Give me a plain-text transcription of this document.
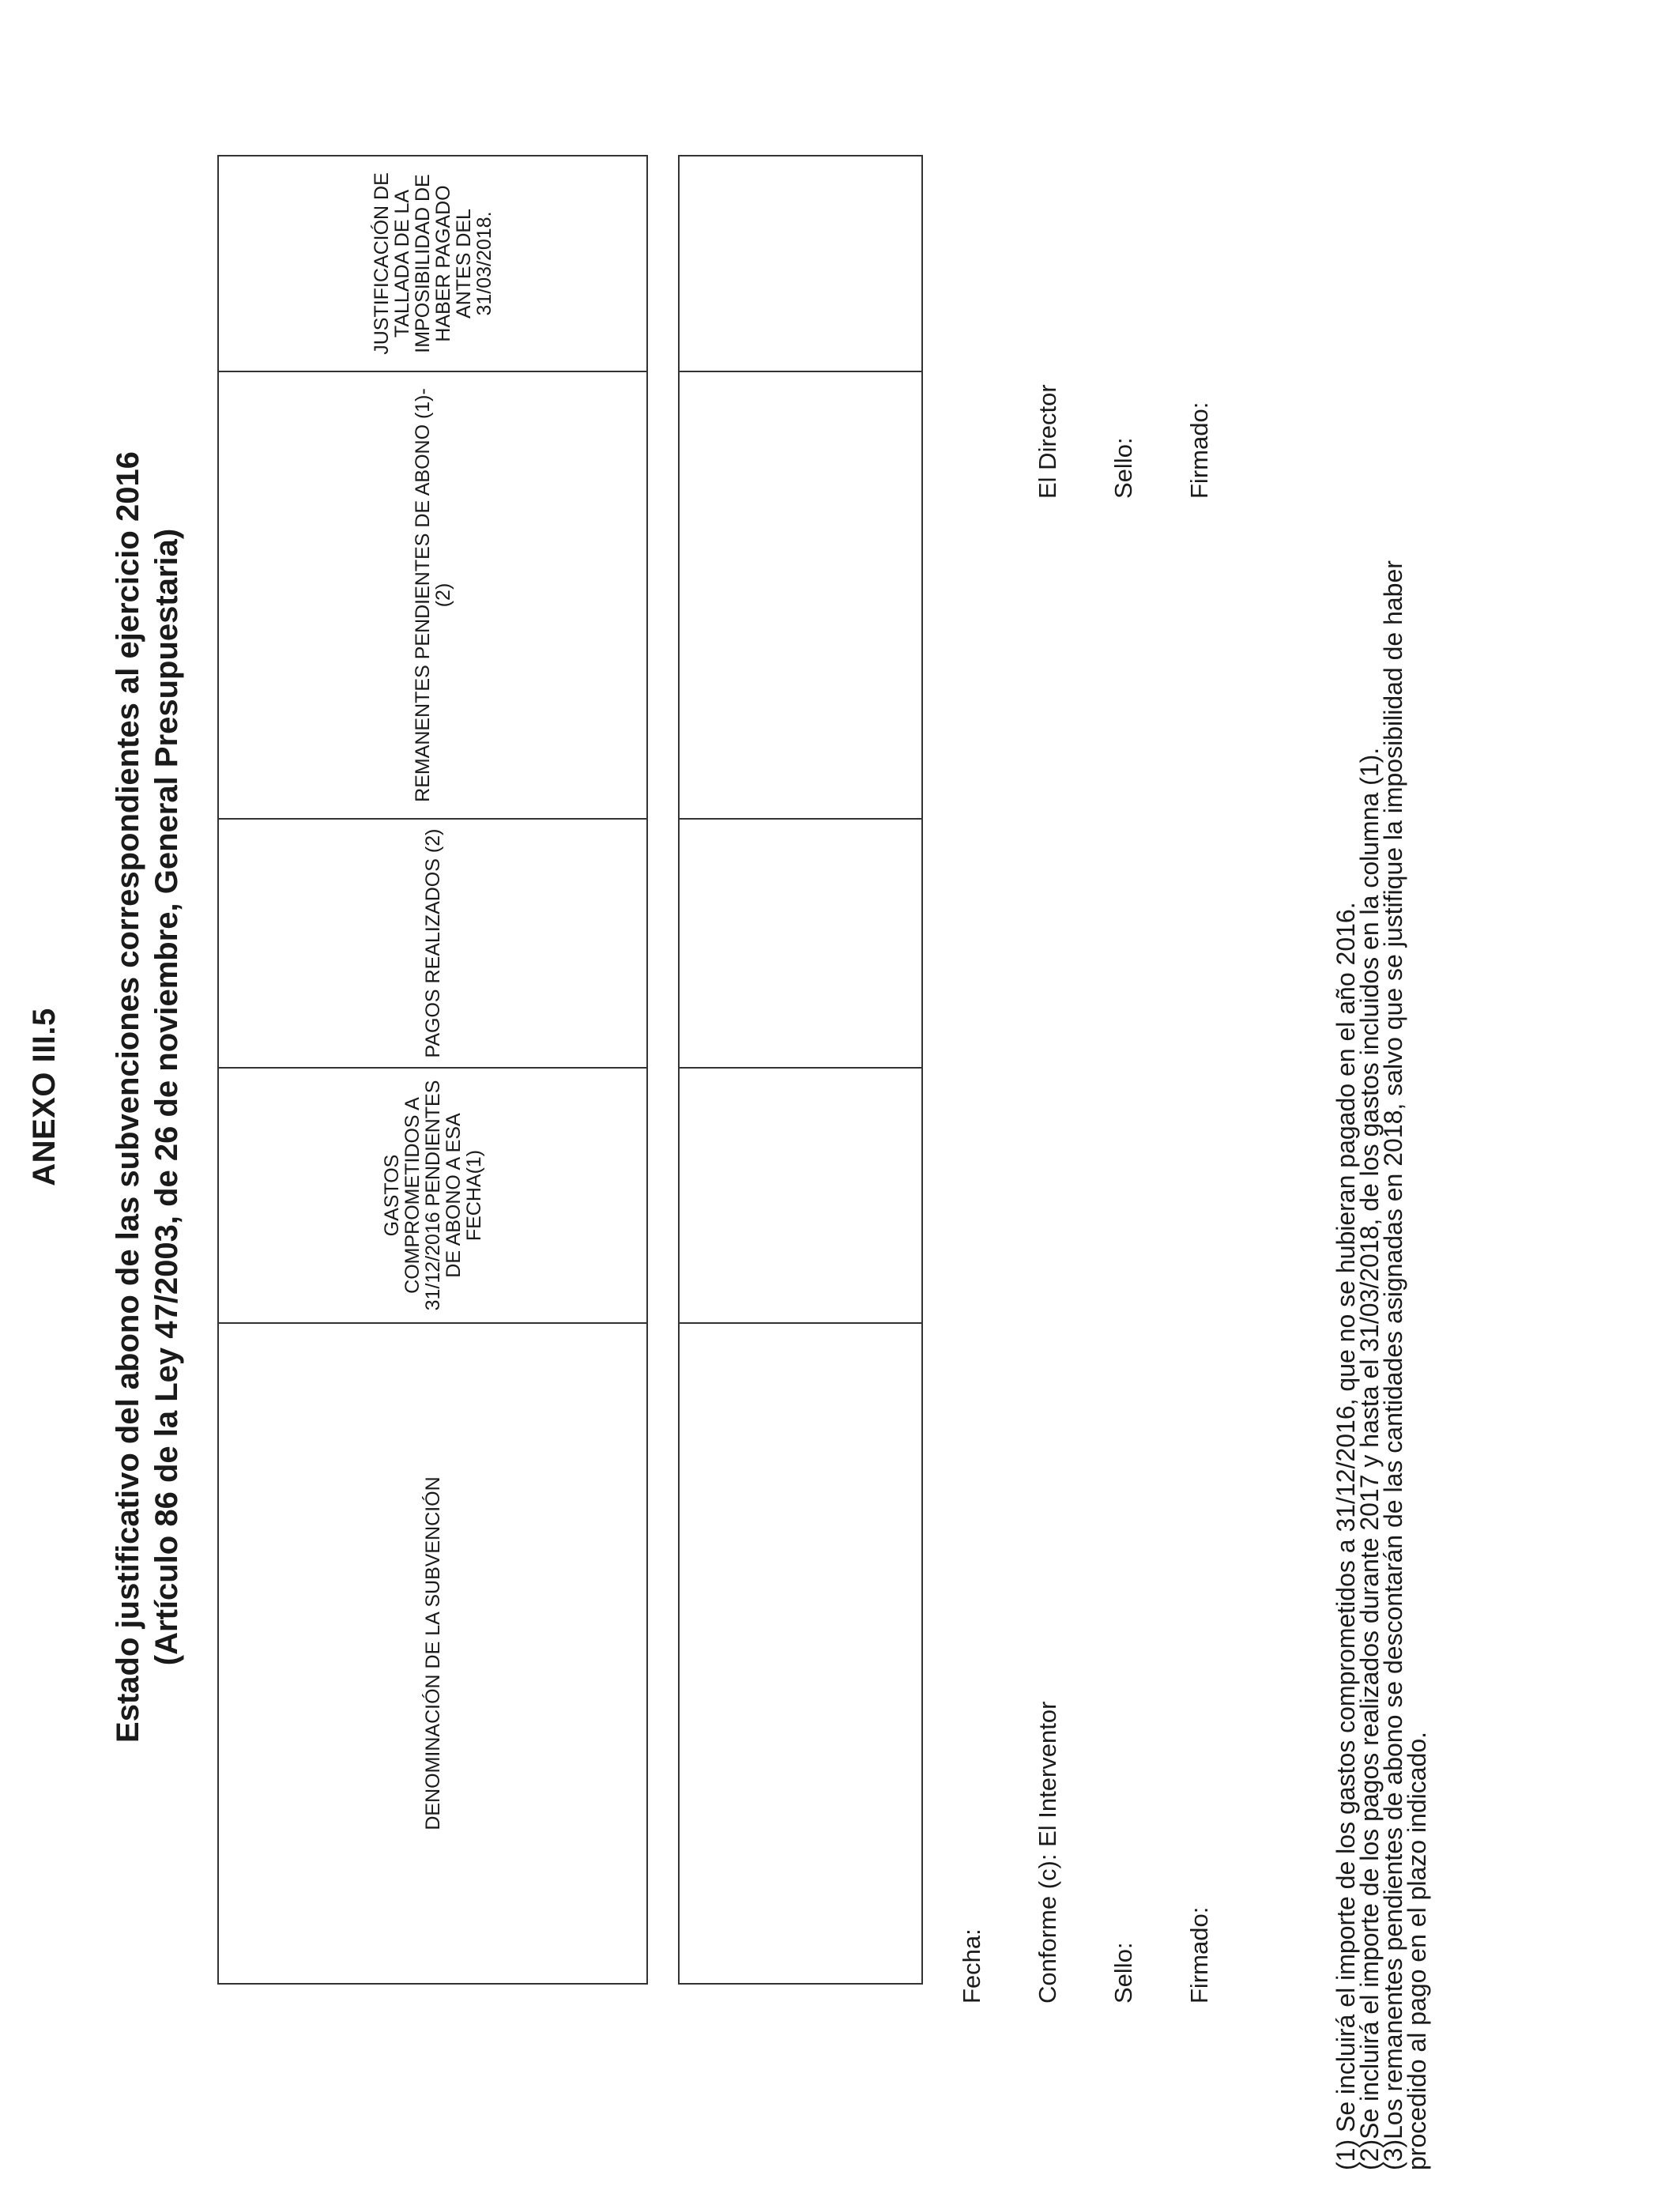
ANEXO III.5 Estado justificativo del abono de las subvenciones correspondientes al ejercicio 2016 (Artículo 86 de la Ley 47/2003, de 26 de noviembre, General Presupuestaria)	DENOMINACIÓN DE LA SUBVENCIÓN	GASTOS COMPROMETIDOS A 31/12/2016 PENDIENTES DE ABONO A ESA FECHA(1)	PAGOS REALIZADOS (2)	REMANENTES PENDIENTES DE ABONO (1)-(2)	JUSTIFICACIÓN DE TALLADA DE LA IMPOSIBILIDAD DE HABER PAGADO ANTES DEL 31/03/2018.

Fecha: Conforme (c): El Interventor Sello: Firmado:
El Director Sello: Firmado:
(1) Se incluirá el importe de los gastos comprometidos a 31/12/2016, que no se hubieran pagado en el año 2016.
(2)Se incluirá el importe de los pagos realizados durante 2017 y hasta el 31/03/2018, de los gastos incluidos en la columna (1).
(3)Los remanentes pendientes de abono se descontarán de las cantidades asignadas en 2018, salvo que se justifique la imposibilidad de haber
procedido al pago en el plazo indicado.
